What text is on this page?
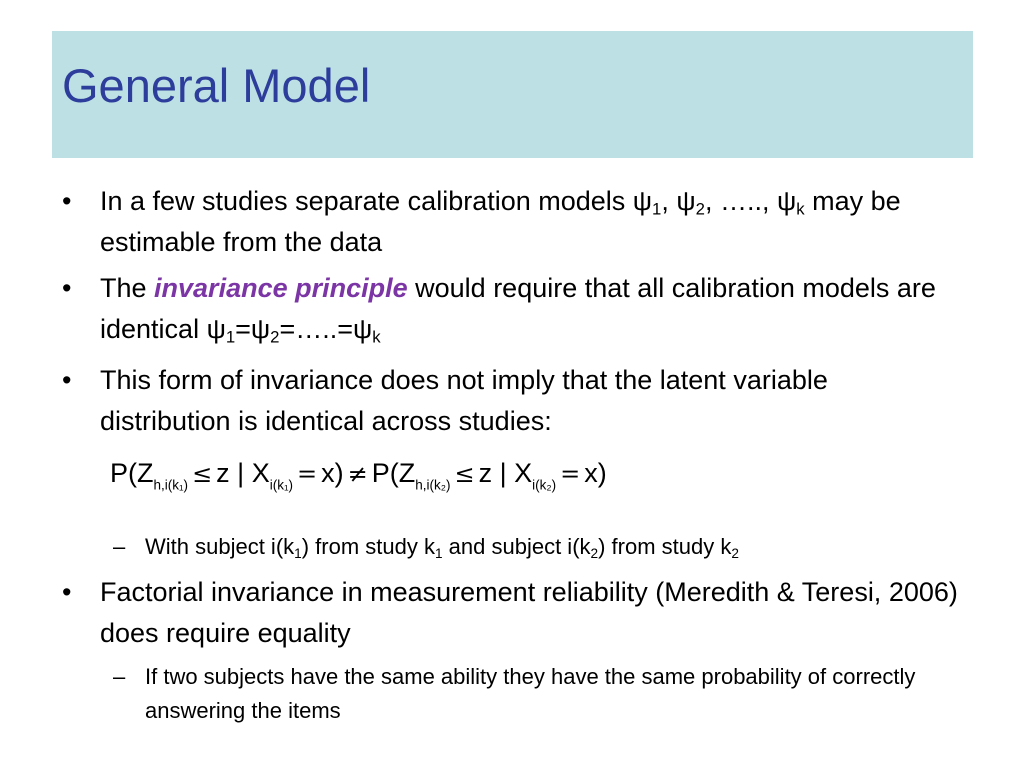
General Model
• In a few studies separate calibration models $\psi_1$, $\psi_2$, ….., $\psi_k$ may be estimable from the data
• The invariance principle would require that all calibration models are identical $\psi_1=\psi_2=\dots..=\psi_k$
• This form of invariance does not imply that the latent variable distribution is identical across studies:
$P(Z_{h,i(k_1)} \le z$ | $X_{i(k_1)} = x) \ne P(Z_{h,i(k_2)} \le z$ | $X_{i(k_2)} = x$)
– With subject $i(k_1)$ from study $k_1$ and subject $i(k_2)$ from study $k_2$
• Factorial invariance in measurement reliability (Meredith & Teresi, 2006) does require equality
– If two subjects have the same ability they have the same probability of correctly answering the items
